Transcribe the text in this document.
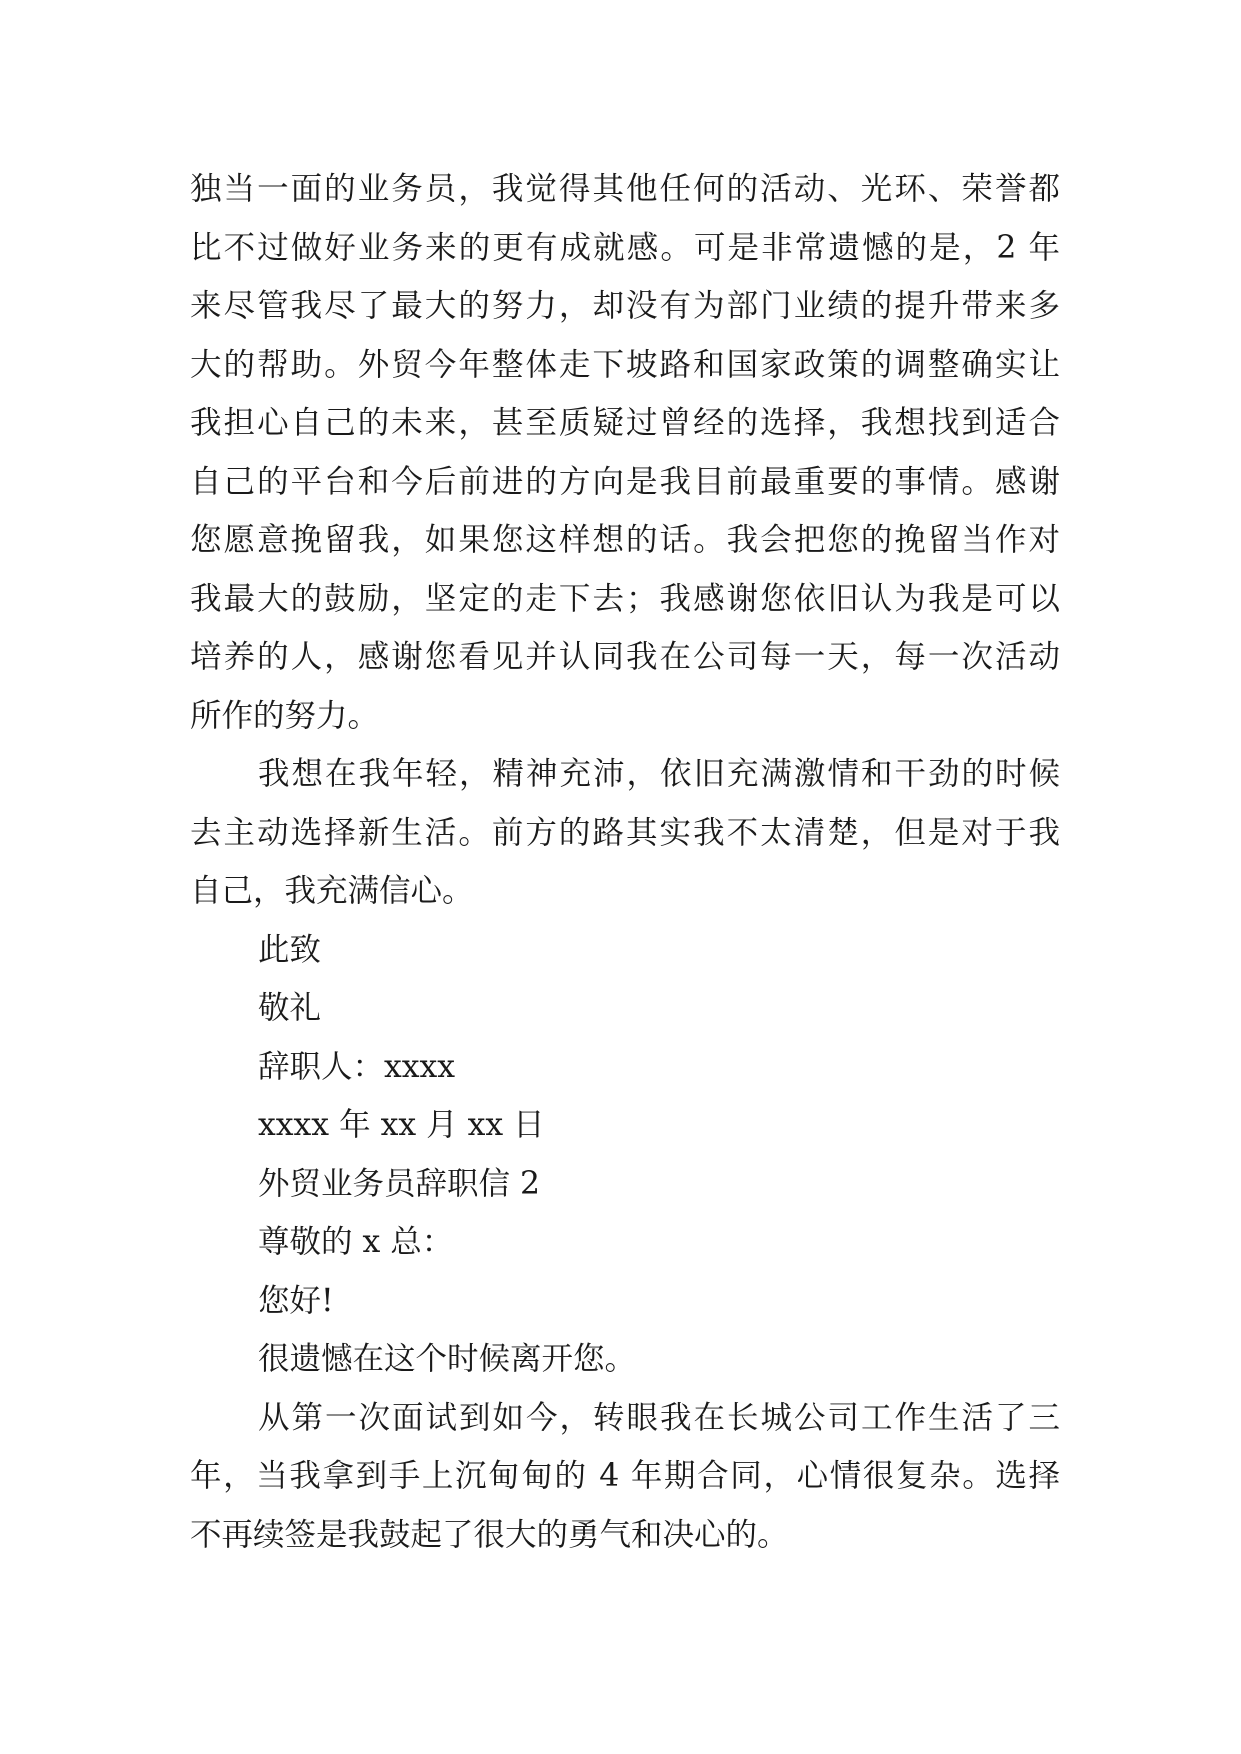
独当一面的业务员，我觉得其他任何的活动、光环、荣誉都
比不过做好业务来的更有成就感。可是非常遗憾的是，2 年
来尽管我尽了最大的努力，却没有为部门业绩的提升带来多
大的帮助。外贸今年整体走下坡路和国家政策的调整确实让
我担心自己的未来，甚至质疑过曾经的选择，我想找到适合
自己的平台和今后前进的方向是我目前最重要的事情。感谢
您愿意挽留我，如果您这样想的话。我会把您的挽留当作对
我最大的鼓励，坚定的走下去；我感谢您依旧认为我是可以
培养的人，感谢您看见并认同我在公司每一天，每一次活动
所作的努力。
我想在我年轻，精神充沛，依旧充满激情和干劲的时候
去主动选择新生活。前方的路其实我不太清楚，但是对于我
自己，我充满信心。
此致
敬礼
辞职人：xxxx
xxxx 年 xx 月 xx 日
外贸业务员辞职信 2
尊敬的 x 总：
您好!
很遗憾在这个时候离开您。
从第一次面试到如今，转眼我在长城公司工作生活了三
年，当我拿到手上沉甸甸的 4 年期合同，心情很复杂。选择
不再续签是我鼓起了很大的勇气和决心的。
